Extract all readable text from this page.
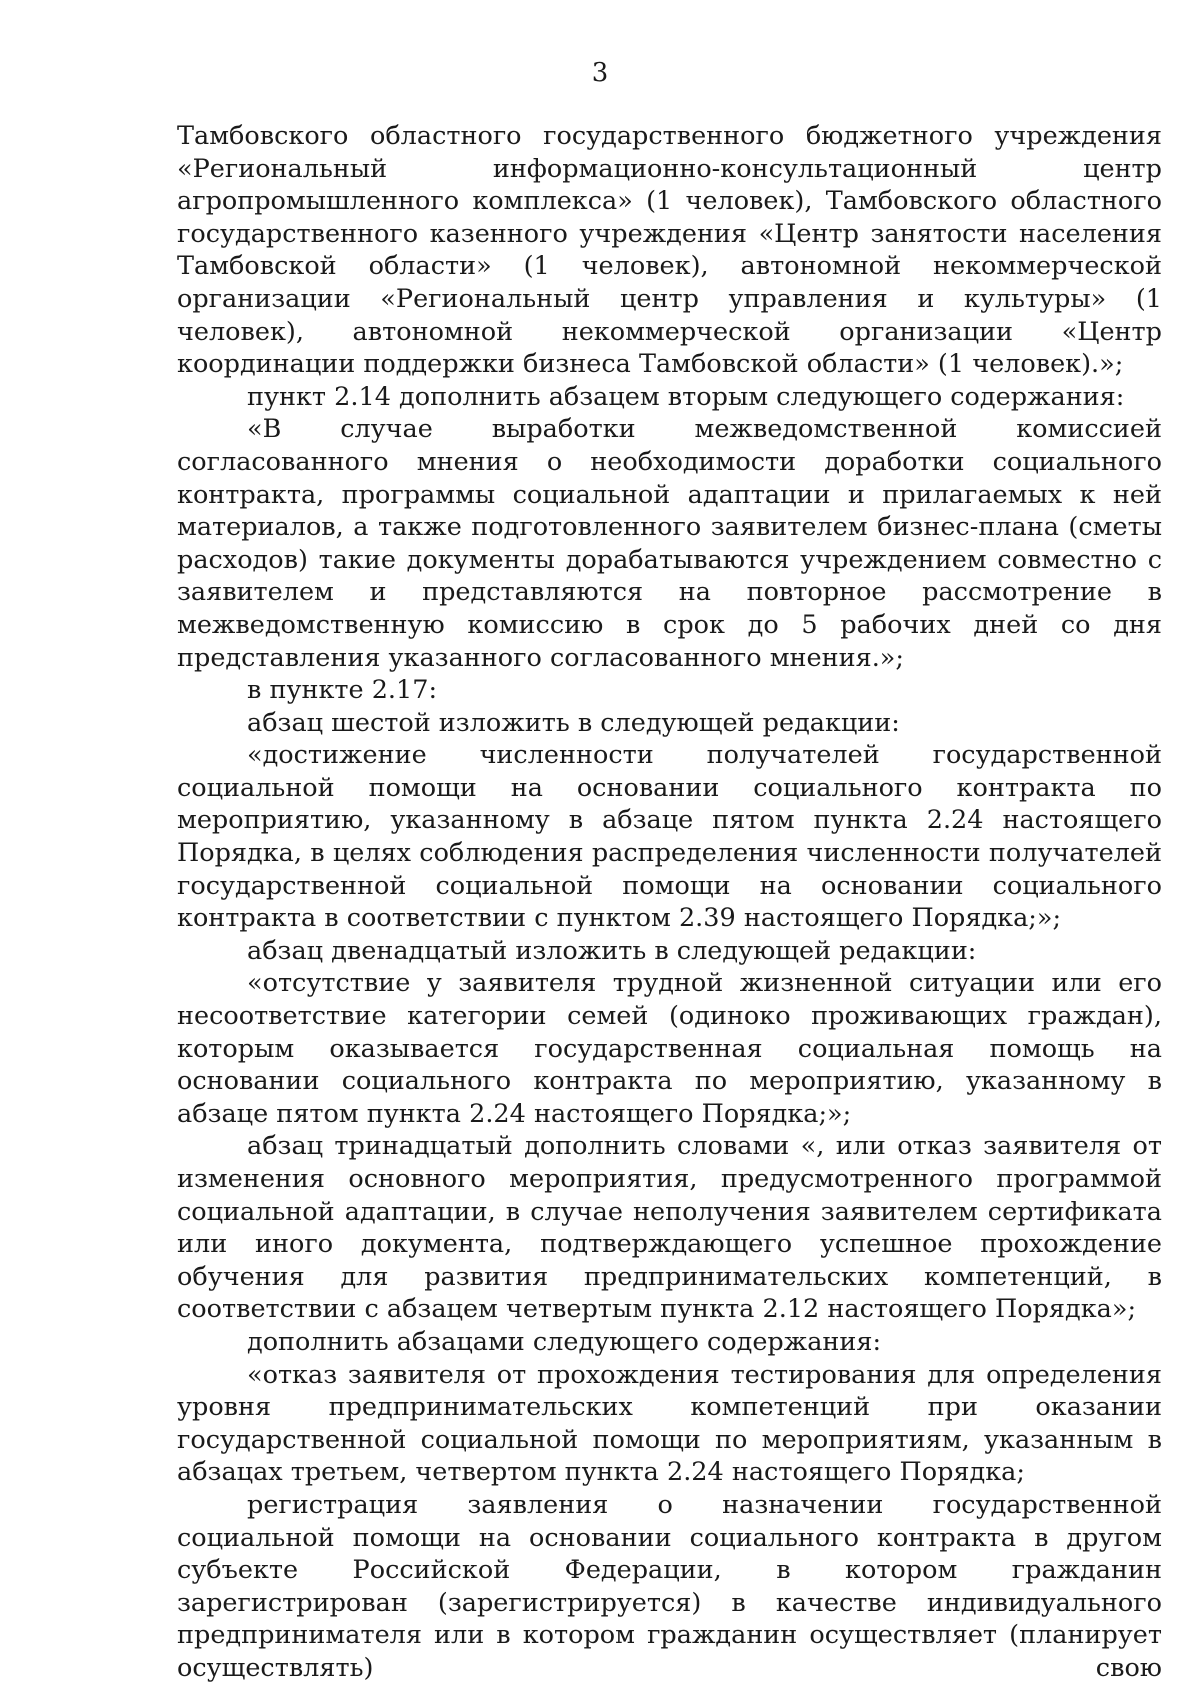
3

Тамбовского областного государственного бюджетного учреждения «Региональный информационно-консультационный центр агропромышленного комплекса» (1 человек), Тамбовского областного государственного казенного учреждения «Центр занятости населения Тамбовской области» (1 человек), автономной некоммерческой организации «Региональный центр управления и культуры» (1 человек), автономной некоммерческой организации «Центр координации поддержки бизнеса Тамбовской области» (1 человек).»;

пункт 2.14 дополнить абзацем вторым следующего содержания:

«В случае выработки межведомственной комиссией согласованного мнения о необходимости доработки социального контракта, программы социальной адаптации и прилагаемых к ней материалов, а также подготовленного заявителем бизнес-плана (сметы расходов) такие документы дорабатываются учреждением совместно с заявителем и представляются на повторное рассмотрение в межведомственную комиссию в срок до 5 рабочих дней со дня представления указанного согласованного мнения.»;

в пункте 2.17:

абзац шестой изложить в следующей редакции:

«достижение численности получателей государственной социальной помощи на основании социального контракта по мероприятию, указанному в абзаце пятом пункта 2.24 настоящего Порядка, в целях соблюдения распределения численности получателей государственной социальной помощи на основании социального контракта в соответствии с пунктом 2.39 настоящего Порядка;»;

абзац двенадцатый изложить в следующей редакции:

«отсутствие у заявителя трудной жизненной ситуации или его несоответствие категории семей (одиноко проживающих граждан), которым оказывается государственная социальная помощь на основании социального контракта по мероприятию, указанному в абзаце пятом пункта 2.24 настоящего Порядка;»;

абзац тринадцатый дополнить словами «, или отказ заявителя от изменения основного мероприятия, предусмотренного программой социальной адаптации, в случае неполучения заявителем сертификата или иного документа, подтверждающего успешное прохождение обучения для развития предпринимательских компетенций, в соответствии с абзацем четвертым пункта 2.12 настоящего Порядка»;

дополнить абзацами следующего содержания:

«отказ заявителя от прохождения тестирования для определения уровня предпринимательских компетенций при оказании государственной социальной помощи по мероприятиям, указанным в абзацах третьем, четвертом пункта 2.24 настоящего Порядка;

регистрация заявления о назначении государственной социальной помощи на основании социального контракта в другом субъекте Российской Федерации, в котором гражданин зарегистрирован (зарегистрируется) в качестве индивидуального предпринимателя или в котором гражданин осуществляет (планирует осуществлять) свою
